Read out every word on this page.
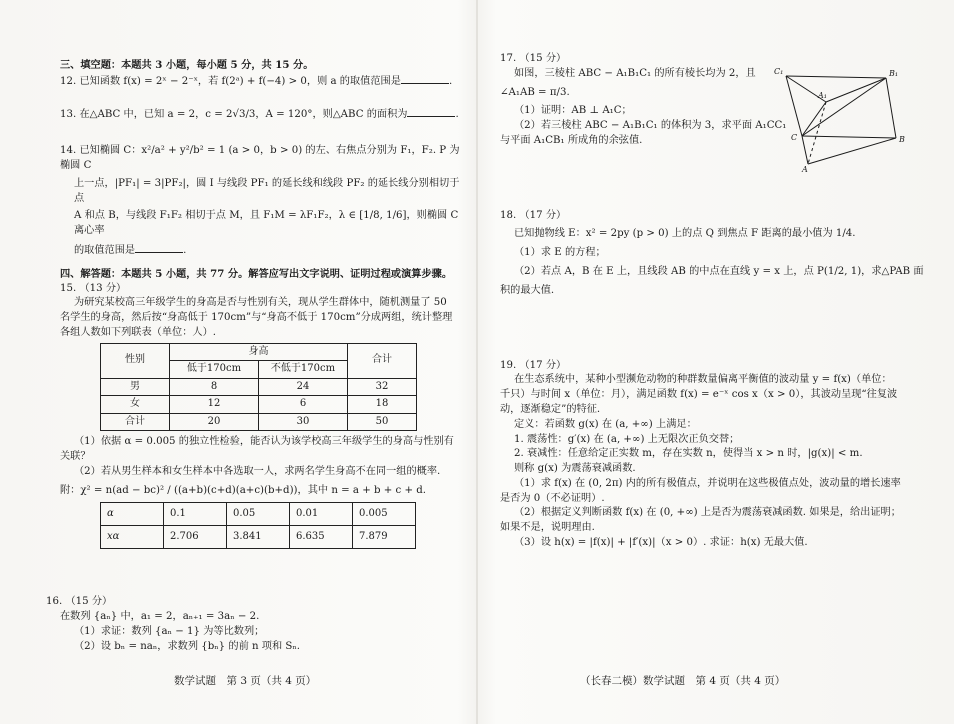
三、填空题：本题共 3 小题，每小题 5 分，共 15 分。

12. 已知函数 f(x) = 2ˣ − 2⁻ˣ，若 f(2ᵃ) + f(−4) > 0，则 a 的取值范围是	.

13. 在△ABC 中，已知 a = 2，c = 2√3/3，A = 120°，则△ABC 的面积为	.

14. 已知椭圆 C：x²/a² + y²/b² = 1 (a > 0，b > 0) 的左、右焦点分别为 F₁，F₂. P 为椭圆 C

上一点，|PF₁| = 3|PF₂|，圆 I 与线段 PF₁ 的延长线和线段 PF₂ 的延长线分别相切于点

A 和点 B，与线段 F₁F₂ 相切于点 M，且 F₁M = λF₁F₂，λ ∈ [1/8, 1/6]，则椭圆 C 离心率

的取值范围是	.

四、解答题：本题共 5 小题，共 77 分。解答应写出文字说明、证明过程或演算步骤。

15. （13 分）

为研究某校高三年级学生的身高是否与性别有关，现从学生群体中，随机测量了 50

名学生的身高，然后按“身高低于 170cm”与“身高不低于 170cm”分成两组，统计整理

各组人数如下列联表（单位：人）.

性别	身高		合计
	低于170cm	不低于170cm	
男	8	24	32
女	12	6	18
合计	20	30	50

（1）依据 α = 0.005 的独立性检验，能否认为该学校高三年级学生的身高与性别有

关联？

（2）若从男生样本和女生样本中各选取一人，求两名学生身高不在同一组的概率.

附：χ² = n(ad − bc)² / ((a+b)(c+d)(a+c)(b+d))，其中 n = a + b + c + d.

α	0.1	0.05	0.01	0.005
xα	2.706	3.841	6.635	7.879

16. （15 分）

在数列 {aₙ} 中，a₁ = 2，aₙ₊₁ = 3aₙ − 2.

（1）求证：数列 {aₙ − 1} 为等比数列；

（2）设 bₙ = naₙ，求数列 {bₙ} 的前 n 项和 Sₙ.

数学试题　第 3 页（共 4 页）

17. （15 分）

如图，三棱柱 ABC − A₁B₁C₁ 的所有棱长均为 2，且

∠A₁AB = π/3.

（1）证明：AB ⊥ A₁C；

（2）若三棱柱 ABC − A₁B₁C₁ 的体积为 3，求平面 A₁CC₁

与平面 A₁CB₁ 所成角的余弦值.

18. （17 分）

已知抛物线 E：x² = 2py (p > 0) 上的点 Q 到焦点 F 距离的最小值为 1/4.

（1）求 E 的方程；

（2）若点 A，B 在 E 上，且线段 AB 的中点在直线 y = x 上，点 P(1/2, 1)，求△PAB 面

积的最大值.

19. （17 分）

在生态系统中，某种小型濒危动物的种群数量偏离平衡值的波动量 y = f(x)（单位：

千只）与时间 x（单位：月），满足函数 f(x) = e⁻ˣ cos x（x > 0），其波动呈现“往复波

动，逐渐稳定”的特征.

定义：若函数 g(x) 在 (a, +∞) 上满足：

1. 震荡性：g′(x) 在 (a, +∞) 上无限次正负交替；

2. 衰减性：任意给定正实数 m，存在实数 n，使得当 x > n 时，|g(x)| < m.

则称 g(x) 为震荡衰减函数.

（1）求 f(x) 在 (0, 2π) 内的所有极值点，并说明在这些极值点处，波动量的增长速率

是否为 0（不必证明）.

（2）根据定义判断函数 f(x) 在 (0, +∞) 上是否为震荡衰减函数. 如果是，给出证明；

如果不是，说明理由.

（3）设 h(x) = |f(x)| + |f′(x)|（x > 0）. 求证：h(x) 无最大值.

C₁	B₁
A₁
C	B
A
（长春二模）数学试题　第 4 页（共 4 页）
